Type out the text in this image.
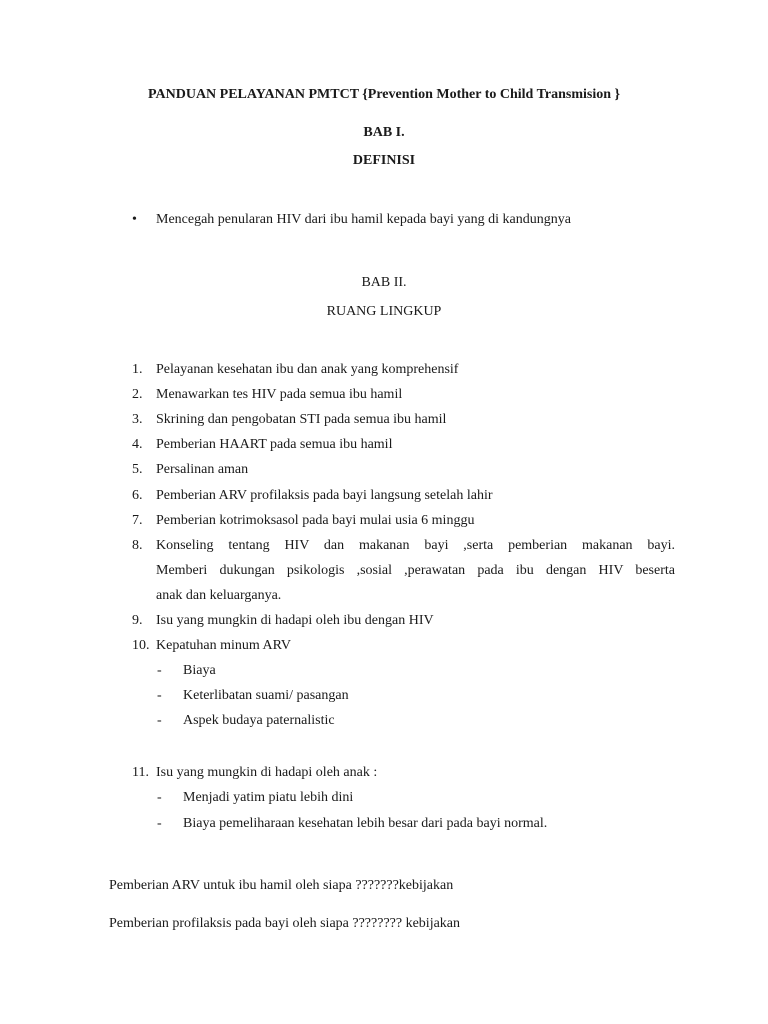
PANDUAN PELAYANAN PMTCT {Prevention Mother to Child Transmision }
BAB I.
DEFINISI
• Mencegah penularan HIV dari ibu hamil kepada bayi yang di kandungnya
BAB II.
RUANG LINGKUP
1. Pelayanan kesehatan ibu dan anak yang komprehensif
2. Menawarkan tes HIV pada semua ibu hamil
3. Skrining dan pengobatan STI pada semua ibu hamil
4. Pemberian HAART pada semua ibu hamil
5. Persalinan aman
6. Pemberian ARV profilaksis pada bayi langsung setelah lahir
7. Pemberian kotrimoksasol pada bayi mulai usia 6 minggu
8. Konseling tentang HIV dan makanan bayi ,serta pemberian makanan bayi.
Memberi dukungan psikologis ,sosial ,perawatan pada ibu dengan HIV beserta
anak dan keluarganya.
9. Isu yang mungkin di hadapi oleh ibu dengan HIV
10. Kepatuhan minum ARV
- Biaya
- Keterlibatan suami/ pasangan
- Aspek budaya paternalistic
11. Isu yang mungkin di hadapi oleh anak :
- Menjadi yatim piatu lebih dini
- Biaya pemeliharaan kesehatan lebih besar dari pada bayi normal.
Pemberian ARV untuk ibu hamil oleh siapa ???????kebijakan
Pemberian profilaksis pada bayi oleh siapa ???????? kebijakan
